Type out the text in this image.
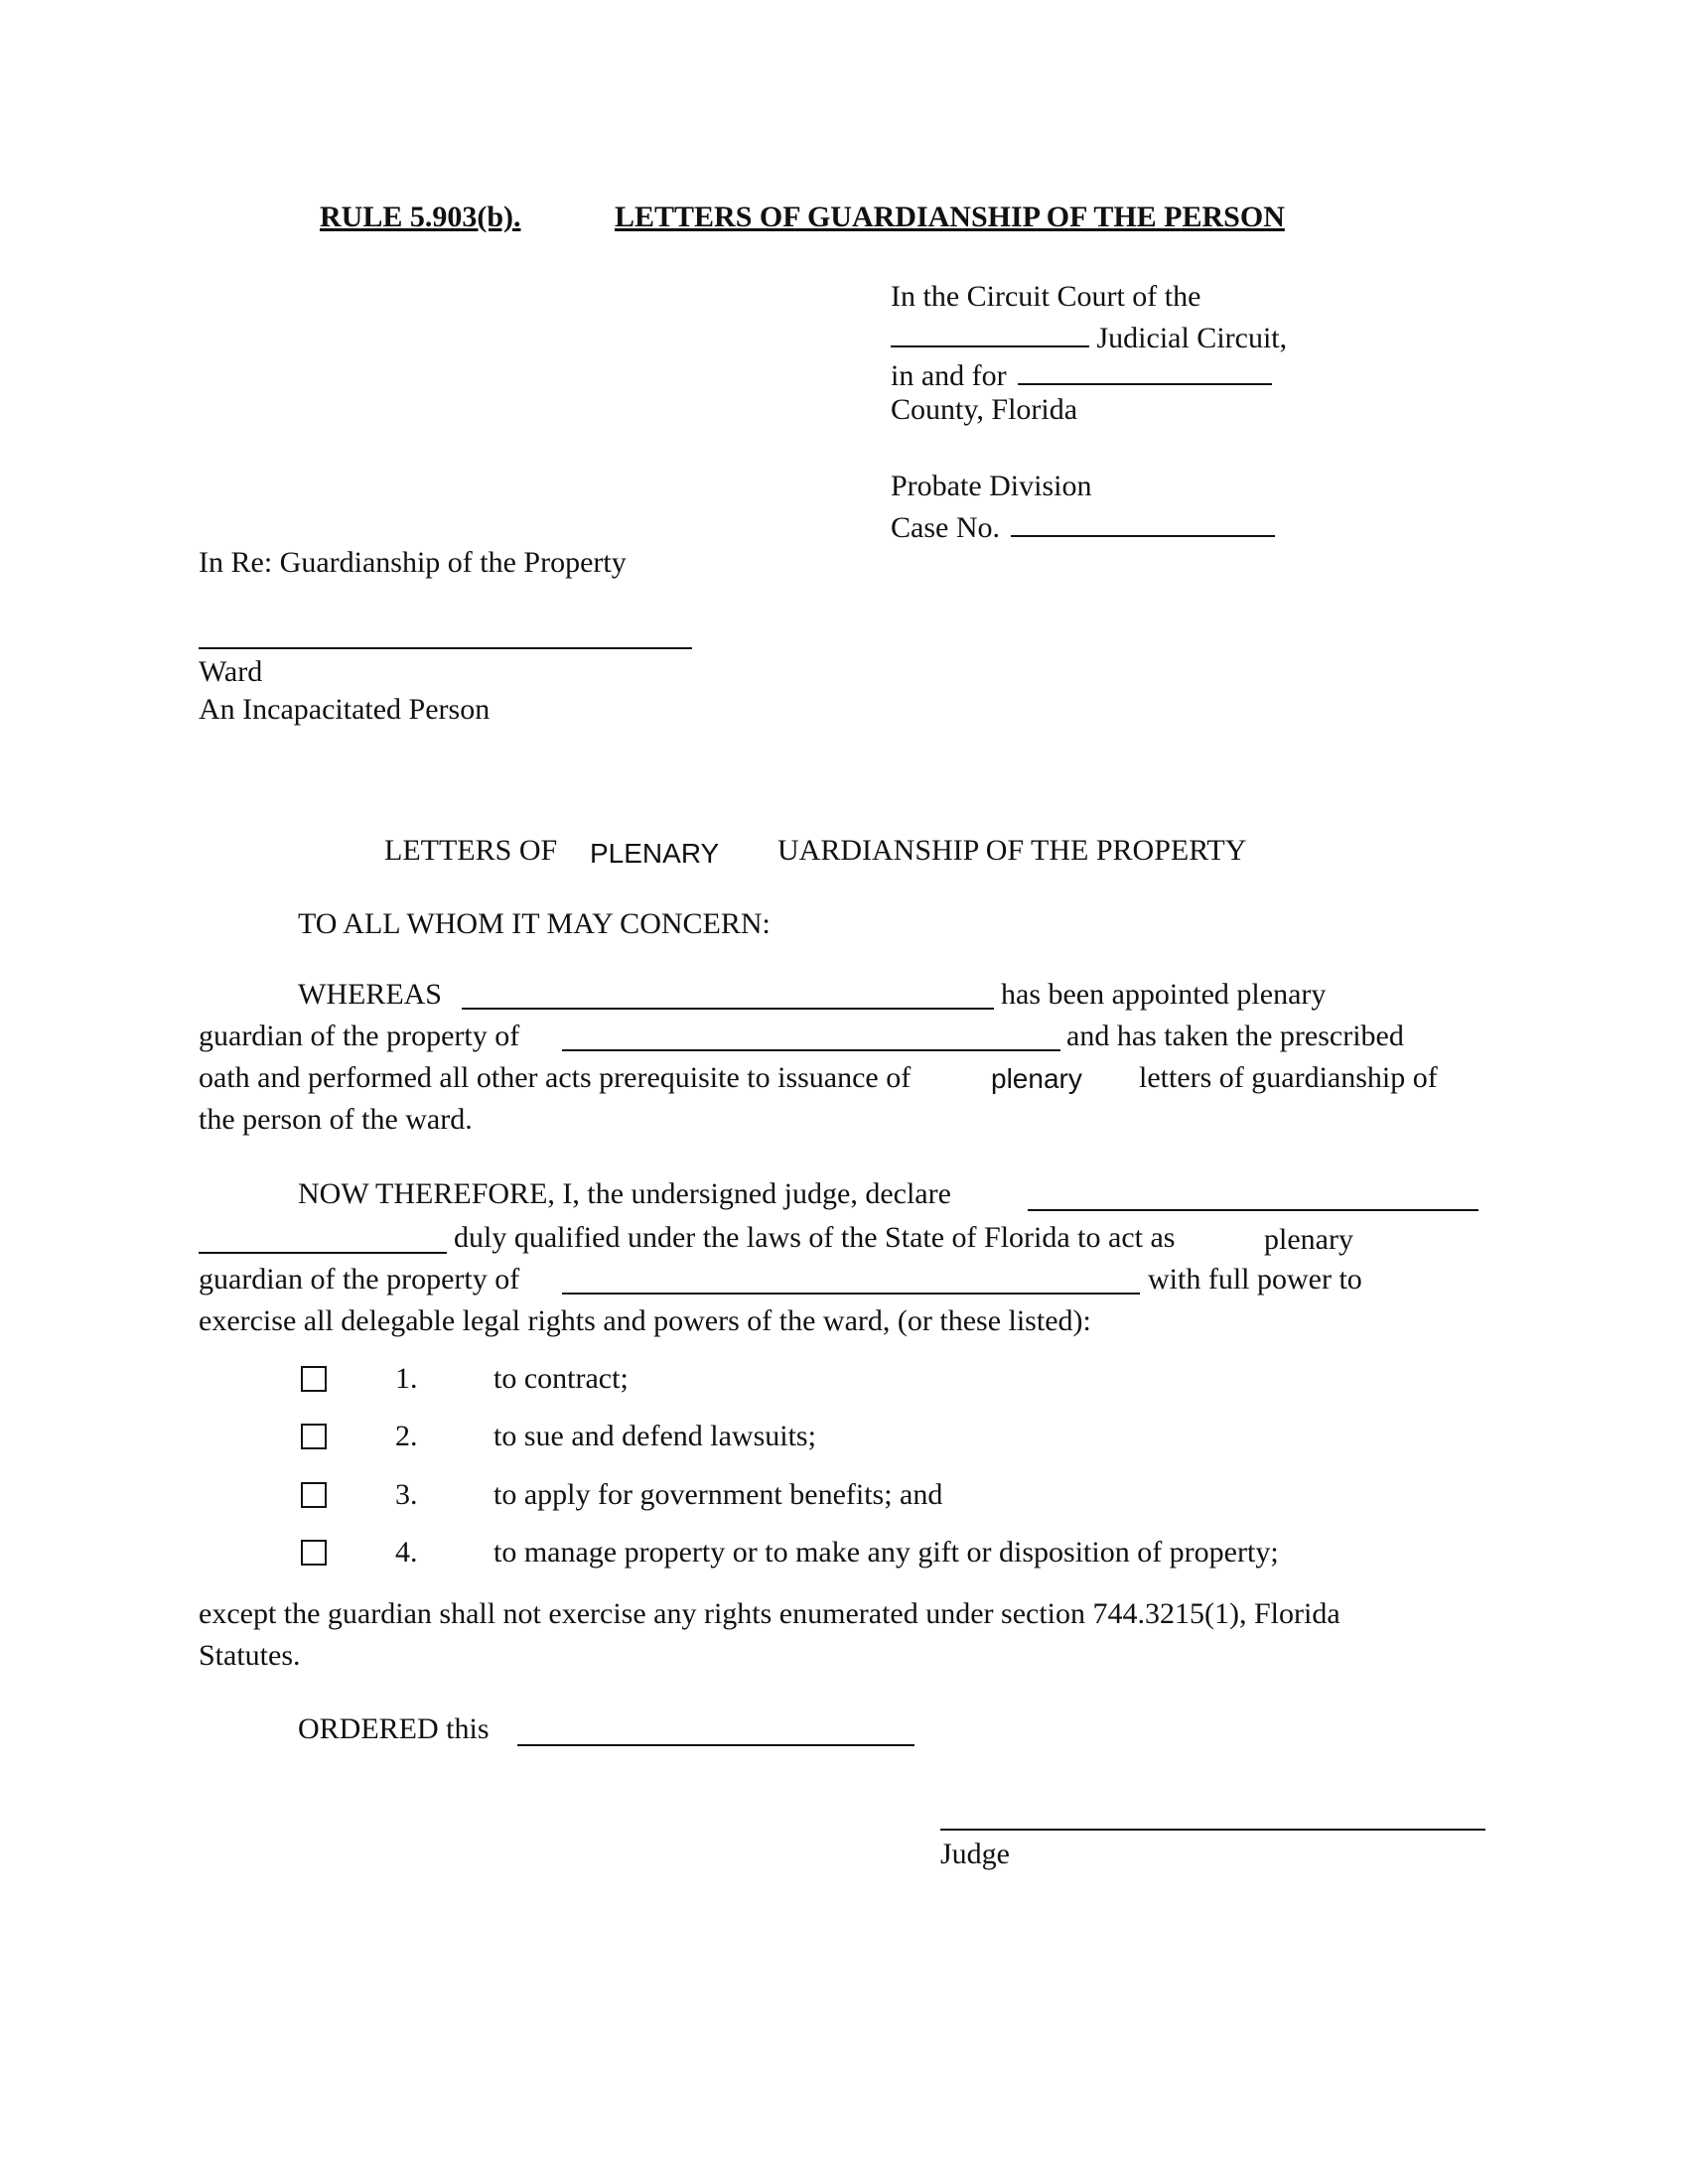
RULE 5.903(b).	LETTERS OF GUARDIANSHIP OF THE PERSON
In the Circuit Court of the
Judicial Circuit,
in and for
County, Florida
Probate Division
Case No.
In Re: Guardianship of the Property
Ward
An Incapacitated Person
LETTERS OF PLENARY UARDIANSHIP OF THE PROPERTY
TO ALL WHOM IT MAY CONCERN:
WHEREAS	has been appointed plenary
guardian of the property of	and has taken the prescribed
oath and performed all other acts prerequisite to issuance of	plenary letters of guardianship of
the person of the ward.
NOW THEREFORE, I, the undersigned judge, declare
duly qualified under the laws of the State of Florida to act as	plenary
guardian of the property of	with full power to
exercise all delegable legal rights and powers of the ward, (or these listed):
1.	to contract;
2.	to sue and defend lawsuits;
3.	to apply for government benefits; and
4.	to manage property or to make any gift or disposition of property;
except the guardian shall not exercise any rights enumerated under section 744.3215(1), Florida
Statutes.
ORDERED this
Judge
